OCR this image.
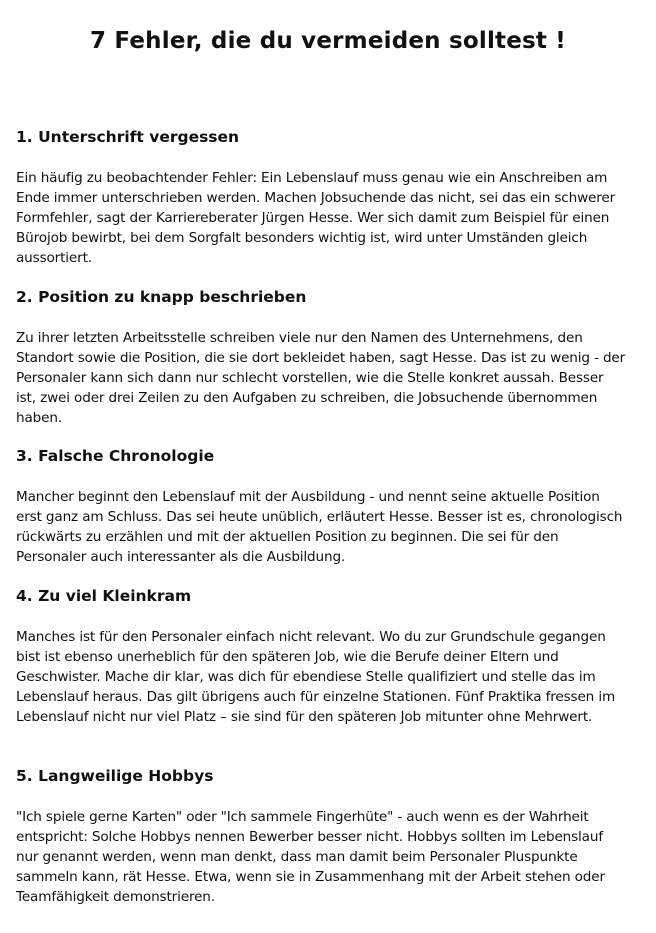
7 Fehler, die du vermeiden solltest !
1. Unterschrift vergessen

Ein häufig zu beobachtender Fehler: Ein Lebenslauf muss genau wie ein Anschreiben am Ende immer unterschrieben werden. Machen Jobsuchende das nicht, sei das ein schwerer Formfehler, sagt der Karriereberater Jürgen Hesse. Wer sich damit zum Beispiel für einen Bürojob bewirbt, bei dem Sorgfalt besonders wichtig ist, wird unter Umständen gleich aussortiert.

2. Position zu knapp beschrieben

Zu ihrer letzten Arbeitsstelle schreiben viele nur den Namen des Unternehmens, den Standort sowie die Position, die sie dort bekleidet haben, sagt Hesse. Das ist zu wenig - der Personaler kann sich dann nur schlecht vorstellen, wie die Stelle konkret aussah. Besser ist, zwei oder drei Zeilen zu den Aufgaben zu schreiben, die Jobsuchende übernommen haben.

3. Falsche Chronologie

Mancher beginnt den Lebenslauf mit der Ausbildung - und nennt seine aktuelle Position erst ganz am Schluss. Das sei heute unüblich, erläutert Hesse. Besser ist es, chronologisch rückwärts zu erzählen und mit der aktuellen Position zu beginnen. Die sei für den Personaler auch interessanter als die Ausbildung.

4. Zu viel Kleinkram

Manches ist für den Personaler einfach nicht relevant. Wo du zur Grundschule gegangen bist ist ebenso unerheblich für den späteren Job, wie die Berufe deiner Eltern und Geschwister. Mache dir klar, was dich für ebendiese Stelle qualifiziert und stelle das im Lebenslauf heraus. Das gilt übrigens auch für einzelne Stationen. Fünf Praktika fressen im Lebenslauf nicht nur viel Platz – sie sind für den späteren Job mitunter ohne Mehrwert.

5. Langweilige Hobbys

"Ich spiele gerne Karten" oder "Ich sammele Fingerhüte" - auch wenn es der Wahrheit entspricht: Solche Hobbys nennen Bewerber besser nicht. Hobbys sollten im Lebenslauf nur genannt werden, wenn man denkt, dass man damit beim Personaler Pluspunkte sammeln kann, rät Hesse. Etwa, wenn sie in Zusammenhang mit der Arbeit stehen oder Teamfähigkeit demonstrieren.
